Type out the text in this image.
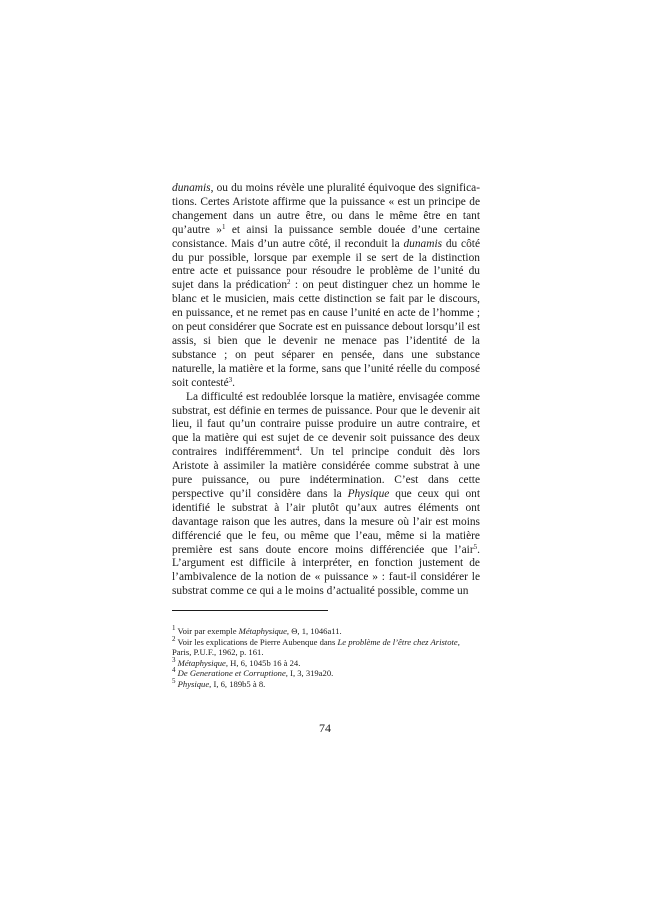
dunamis, ou du moins révèle une pluralité équivoque des significations. Certes Aristote affirme que la puissance « est un principe de changement dans un autre être, ou dans le même être en tant qu’autre »$^1$ et ainsi la puissance semble douée d’une certaine consistance. Mais d’un autre côté, il reconduit la dunamis du côté du pur possible, lorsque par exemple il se sert de la distinction entre acte et puissance pour résoudre le problème de l’unité du sujet dans la prédication$^2$ : on peut distinguer chez un homme le blanc et le musicien, mais cette distinction se fait par le discours, en puissance, et ne remet pas en cause l’unité en acte de l’homme ; on peut considérer que Socrate est en puissance debout lorsqu’il est assis, si bien que le devenir ne menace pas l’identité de la substance ; on peut séparer en pensée, dans une substance naturelle, la matière et la forme, sans que l’unité réelle du composé soit contesté$^3$.

La difficulté est redoublée lorsque la matière, envisagée comme substrat, est définie en termes de puissance. Pour que le devenir ait lieu, il faut qu’un contraire puisse produire un autre contraire, et que la matière qui est sujet de ce devenir soit puissance des deux contraires indifféremment$^4$. Un tel principe conduit dès lors Aristote à assimiler la matière considérée comme substrat à une pure puissance, ou pure indétermination. C’est dans cette perspective qu’il considère dans la Physique que ceux qui ont identifié le substrat à l’air plutôt qu’aux autres éléments ont davantage raison que les autres, dans la mesure où l’air est moins différencié que le feu, ou même que l’eau, même si la matière première est sans doute encore moins différenciée que l’air$^5$. L’argument est difficile à interpréter, en fonction justement de l’ambivalence de la notion de « puissance » : faut-il considérer le substrat comme ce qui a le moins d’actualité possible, comme un

$^1$ Voir par exemple Métaphysique, Θ, 1, 1046a11.

$^2$ Voir les explications de Pierre Aubenque dans Le problème de l’être chez Aristote, Paris, P.U.F., 1962, p. 161.

$^3$ Métaphysique, H, 6, 1045b 16 à 24.

$^4$ De Generatione et Corruptione, I, 3, 319a20.

$^5$ Physique, I, 6, 189b5 à 8.

74
